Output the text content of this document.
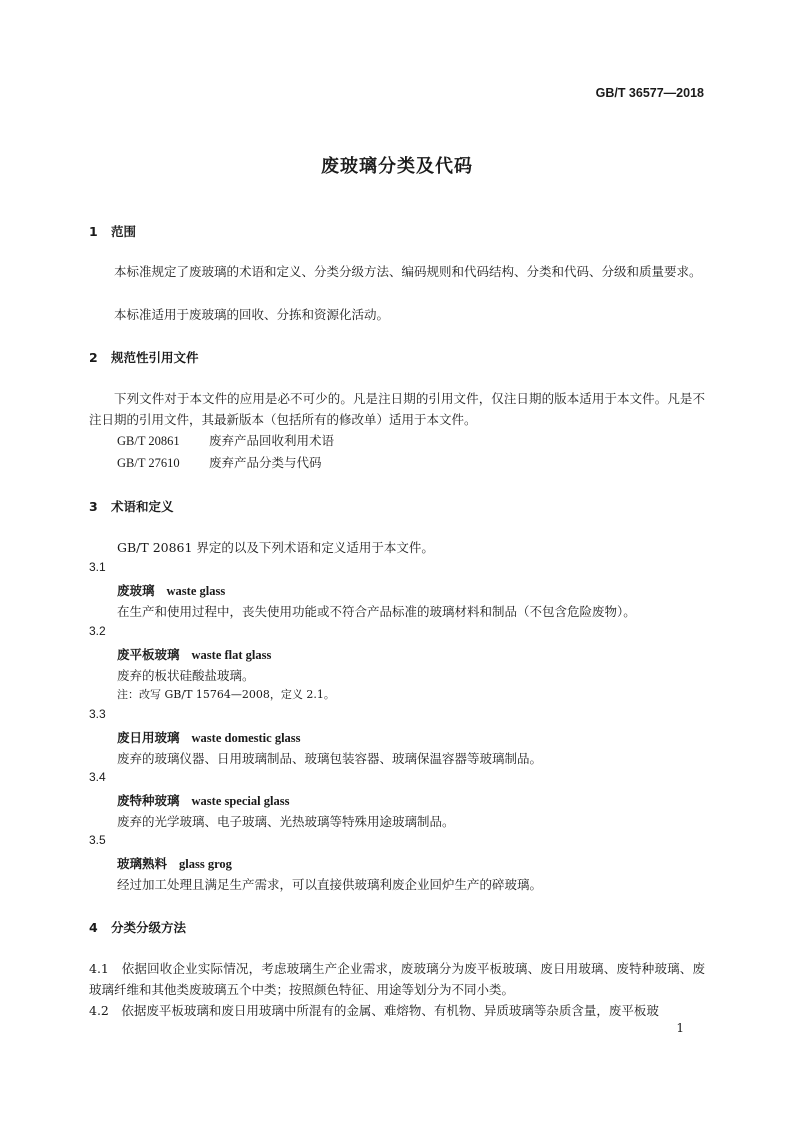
GB/T 36577—2018
废玻璃分类及代码
1 范围
本标准规定了废玻璃的术语和定义、分类分级方法、编码规则和代码结构、分类和代码、分级和质量要求。
本标准适用于废玻璃的回收、分拣和资源化活动。
2 规范性引用文件
下列文件对于本文件的应用是必不可少的。凡是注日期的引用文件，仅注日期的版本适用于本文件。凡是不注日期的引用文件，其最新版本（包括所有的修改单）适用于本文件。
GB/T 20861 废弃产品回收利用术语
GB/T 27610 废弃产品分类与代码
3 术语和定义
GB/T 20861 界定的以及下列术语和定义适用于本文件。
3.1
废玻璃 waste glass
在生产和使用过程中，丧失使用功能或不符合产品标准的玻璃材料和制品（不包含危险废物）。
3.2
废平板玻璃 waste flat glass
废弃的板状硅酸盐玻璃。
注：改写 GB/T 15764—2008，定义 2.1。
3.3
废日用玻璃 waste domestic glass
废弃的玻璃仪器、日用玻璃制品、玻璃包装容器、玻璃保温容器等玻璃制品。
3.4
废特种玻璃 waste special glass
废弃的光学玻璃、电子玻璃、光热玻璃等特殊用途玻璃制品。
3.5
玻璃熟料 glass grog
经过加工处理且满足生产需求，可以直接供玻璃利废企业回炉生产的碎玻璃。
4 分类分级方法
4.1　依据回收企业实际情况，考虑玻璃生产企业需求，废玻璃分为废平板玻璃、废日用玻璃、废特种玻璃、废玻璃纤维和其他类废玻璃五个中类；按照颜色特征、用途等划分为不同小类。
4.2　依据废平板玻璃和废日用玻璃中所混有的金属、难熔物、有机物、异质玻璃等杂质含量，废平板玻
1
